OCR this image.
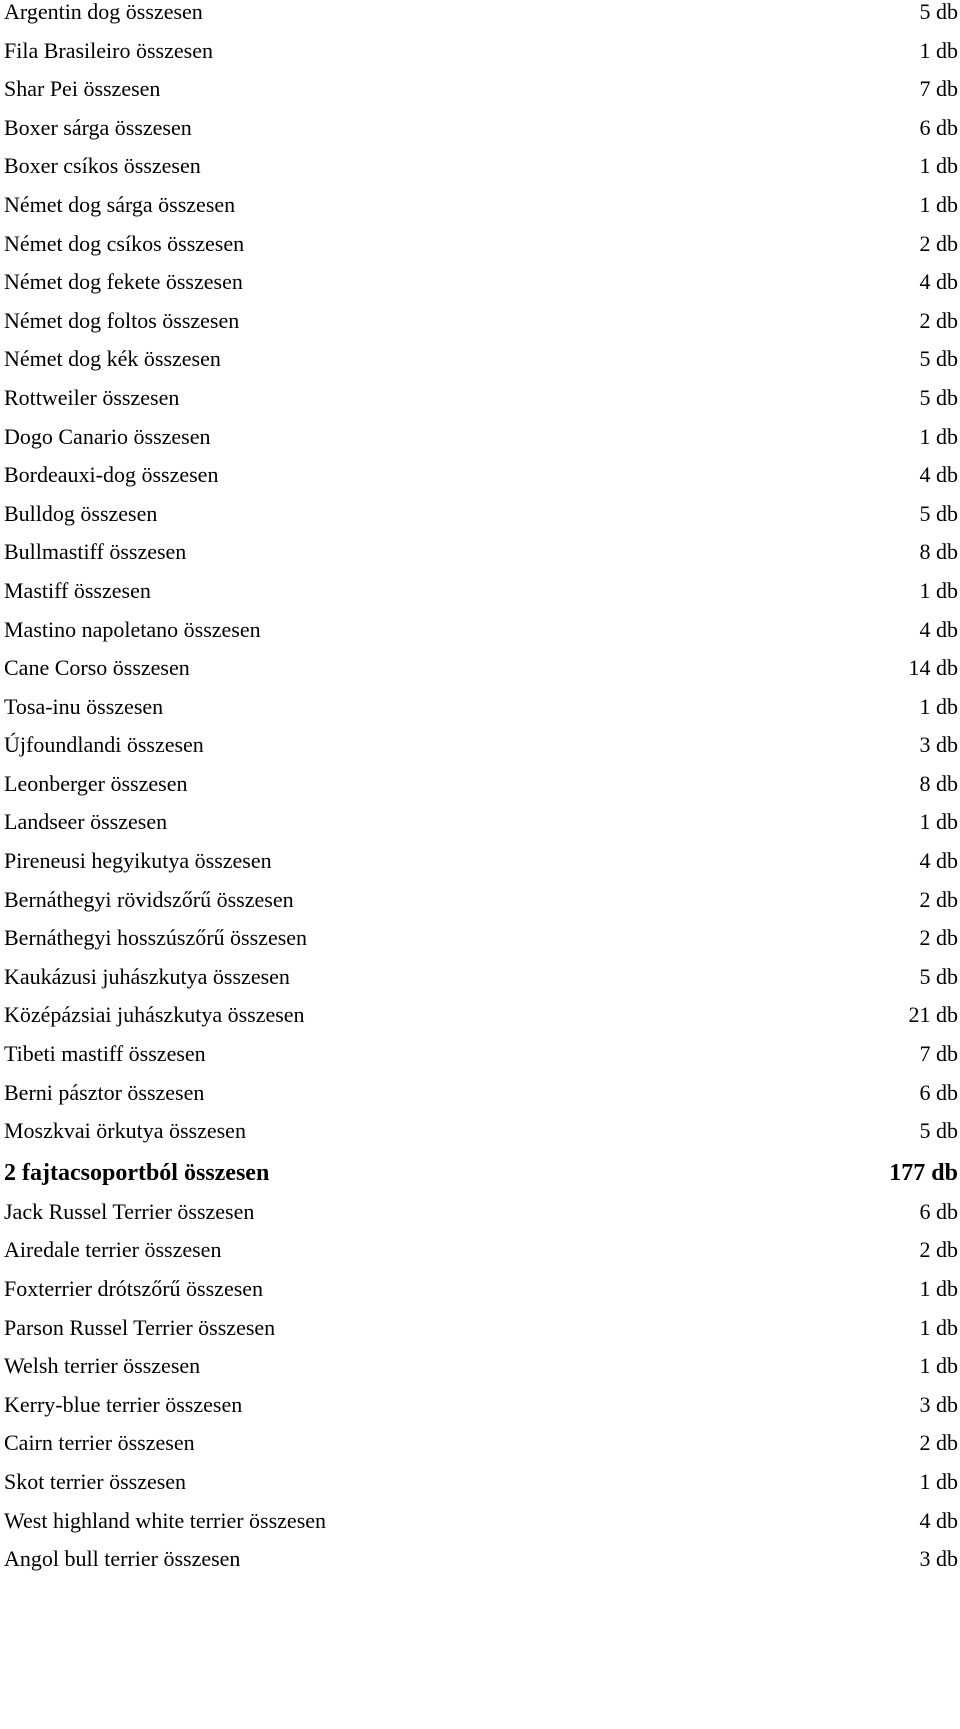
Argentin dog összesen	5 db
Fila Brasileiro összesen	1 db
Shar Pei összesen	7 db
Boxer sárga összesen	6 db
Boxer csíkos összesen	1 db
Német dog sárga összesen	1 db
Német dog csíkos összesen	2 db
Német dog fekete összesen	4 db
Német dog foltos összesen	2 db
Német dog kék összesen	5 db
Rottweiler összesen	5 db
Dogo Canario összesen	1 db
Bordeauxi-dog összesen	4 db
Bulldog összesen	5 db
Bullmastiff összesen	8 db
Mastiff összesen	1 db
Mastino napoletano összesen	4 db
Cane Corso összesen	14 db
Tosa-inu összesen	1 db
Újfoundlandi összesen	3 db
Leonberger összesen	8 db
Landseer összesen	1 db
Pireneusi hegyikutya összesen	4 db
Bernáthegyi rövidszőrű összesen	2 db
Bernáthegyi hosszúszőrű összesen	2 db
Kaukázusi juhászkutya összesen	5 db
Középázsiai juhászkutya összesen	21 db
Tibeti mastiff összesen	7 db
Berni pásztor összesen	6 db
Moszkvai örkutya összesen	5 db
2 fajtacsoportból összesen	177 db
Jack Russel Terrier összesen	6 db
Airedale terrier összesen	2 db
Foxterrier drótszőrű összesen	1 db
Parson Russel Terrier összesen	1 db
Welsh terrier összesen	1 db
Kerry-blue terrier összesen	3 db
Cairn terrier összesen	2 db
Skot terrier összesen	1 db
West highland white terrier összesen	4 db
Angol bull terrier összesen	3 db
